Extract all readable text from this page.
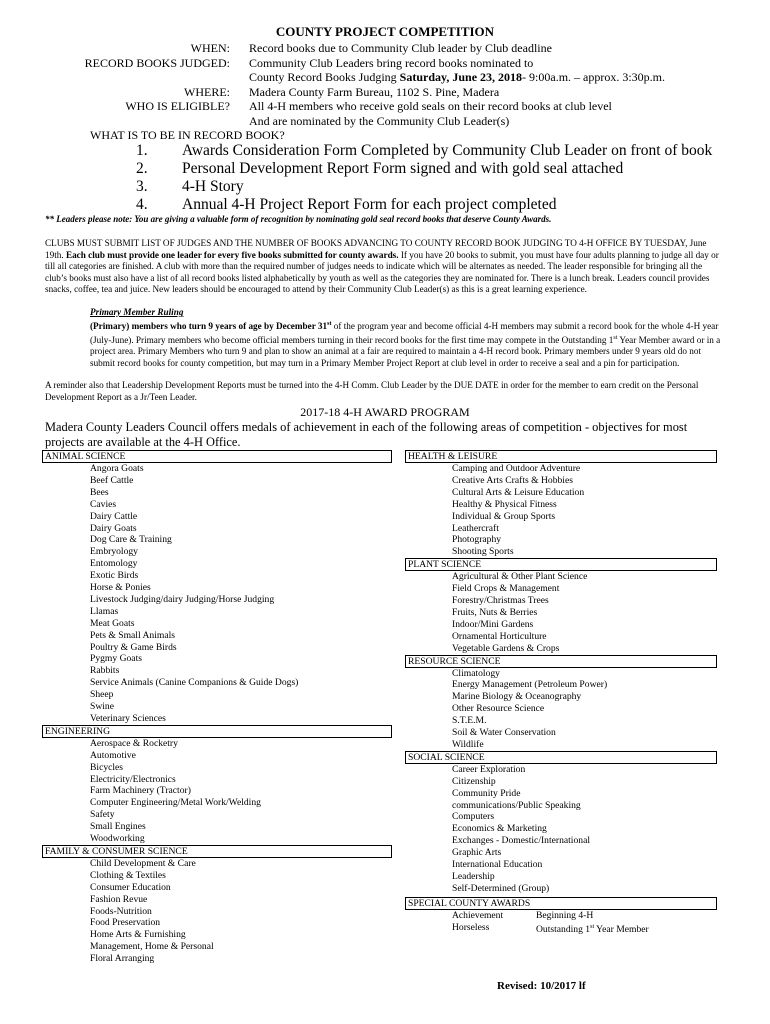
COUNTY PROJECT COMPETITION
WHEN: Record books due to Community Club leader by Club deadline
RECORD BOOKS JUDGED: Community Club Leaders bring record books nominated to
County Record Books Judging Saturday, June 23, 2018- 9:00a.m. – approx. 3:30p.m.
WHERE: Madera County Farm Bureau, 1102 S. Pine, Madera
WHO IS ELIGIBLE? All 4-H members who receive gold seals on their record books at club level
And are nominated by the Community Club Leader(s)
WHAT IS TO BE IN RECORD BOOK?
1. Awards Consideration Form Completed by Community Club Leader on front of book
2. Personal Development Report Form signed and with gold seal attached
3. 4-H Story
4. Annual 4-H Project Report Form for each project completed
** Leaders please note: You are giving a valuable form of recognition by nominating gold seal record books that deserve County Awards.

CLUBS MUST SUBMIT LIST OF JUDGES AND THE NUMBER OF BOOKS ADVANCING TO COUNTY RECORD BOOK JUDGING TO 4-H OFFICE BY TUESDAY, June 19th. Each club must provide one leader for every five books submitted for county awards. If you have 20 books to submit, you must have four adults planning to judge all day or till all categories are finished. A club with more than the required number of judges needs to indicate which will be alternates as needed. The leader responsible for bringing all the club’s books must also have a list of all record books listed alphabetically by youth as well as the categories they are nominated for. There is a lunch break. Leaders council provides snacks, coffee, tea and juice. New leaders should be encouraged to attend by their Community Club Leader(s) as this is a great learning experience.

Primary Member Ruling

(Primary) members who turn 9 years of age by December 31st of the program year and become official 4-H members may submit a record book for the whole 4-H year (July-June). Primary members who become official members turning in their record books for the first time may compete in the Outstanding 1st Year Member award or in a project area. Primary Members who turn 9 and plan to show an animal at a fair are required to maintain a 4-H record book. Primary members under 9 years old do not submit record books for county competition, but may turn in a Primary Member Project Report at club level in order to receive a seal and a pin for participation.

A reminder also that Leadership Development Reports must be turned into the 4-H Comm. Club Leader by the DUE DATE in order for the member to earn credit on the Personal Development Report as a Jr/Teen Leader.

2017-18 4-H AWARD PROGRAM
Madera County Leaders Council offers medals of achievement in each of the following areas of competition - objectives for most projects are available at the 4-H Office.
ANIMAL SCIENCE
Angora Goats
Beef Cattle
Bees
Cavies
Dairy Cattle
Dairy Goats
Dog Care & Training
Embryology
Entomology
Exotic Birds
Horse & Ponies
Livestock Judging/dairy Judging/Horse Judging
Llamas
Meat Goats
Pets & Small Animals
Poultry & Game Birds
Pygmy Goats
Rabbits
Service Animals (Canine Companions & Guide Dogs)
Sheep
Swine
Veterinary Sciences
ENGINEERING
Aerospace & Rocketry
Automotive
Bicycles
Electricity/Electronics
Farm Machinery (Tractor)
Computer Engineering/Metal Work/Welding
Safety
Small Engines
Woodworking
FAMILY & CONSUMER SCIENCE
Child Development & Care
Clothing & Textiles
Consumer Education
Fashion Revue
Foods-Nutrition
Food Preservation
Home Arts & Furnishing
Management, Home & Personal
Floral Arranging
HEALTH & LEISURE
Camping and Outdoor Adventure
Creative Arts Crafts & Hobbies
Cultural Arts & Leisure Education
Healthy & Physical Fitness
Individual & Group Sports
Leathercraft
Photography
Shooting Sports
PLANT SCIENCE
Agricultural & Other Plant Science
Field Crops & Management
Forestry/Christmas Trees
Fruits, Nuts & Berries
Indoor/Mini Gardens
Ornamental Horticulture
Vegetable Gardens & Crops
RESOURCE SCIENCE
Climatology
Energy Management (Petroleum Power)
Marine Biology & Oceanography
Other Resource Science
S.T.E.M.
Soil & Water Conservation
Wildlife
SOCIAL SCIENCE
Career Exploration
Citizenship
Community Pride
communications/Public Speaking
Computers
Economics & Marketing
Exchanges - Domestic/International
Graphic Arts
International Education
Leadership
Self-Determined (Group)
SPECIAL COUNTY AWARDS
Achievement	Beginning 4-H
Horseless	Outstanding 1st Year Member
Revised: 10/2017 lf
